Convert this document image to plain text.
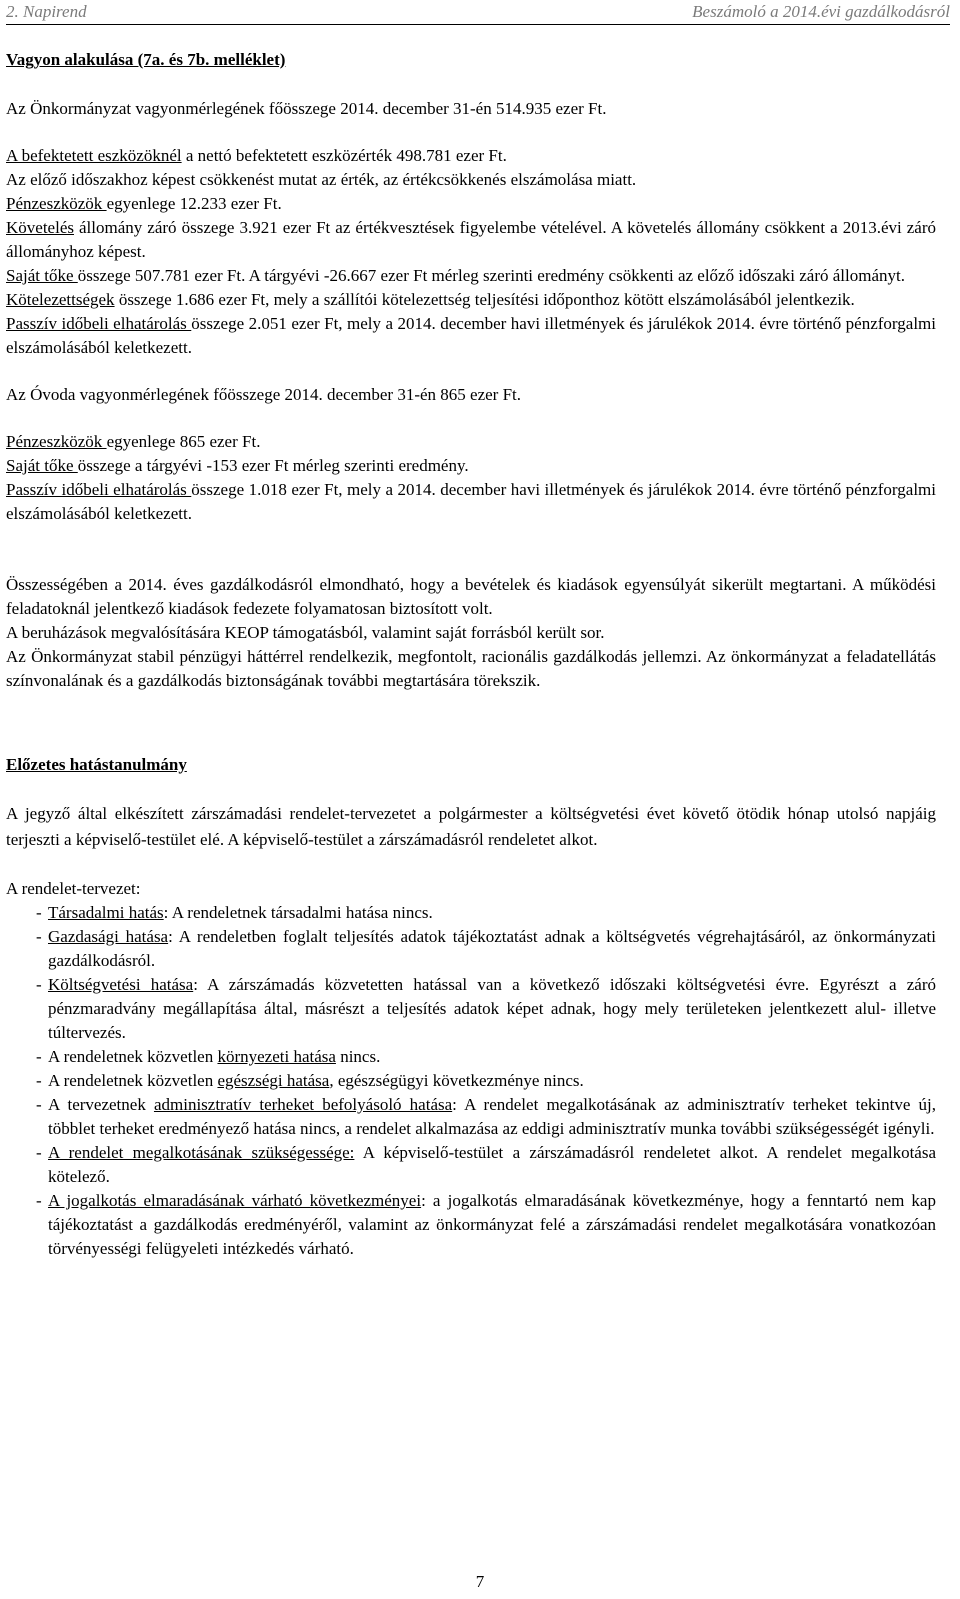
2. Napirend	Beszámoló a 2014.évi gazdálkodásról

Vagyon alakulása (7a. és 7b. melléklet)

Az Önkormányzat vagyonmérlegének főösszege 2014. december 31-én 514.935 ezer Ft.

A befektetett eszközöknél a nettó befektetett eszközérték 498.781 ezer Ft.

Az előző időszakhoz képest csökkenést mutat az érték, az értékcsökkenés elszámolása miatt.

Pénzeszközök egyenlege 12.233 ezer Ft.

Követelés állomány záró összege 3.921 ezer Ft az értékvesztések figyelembe vételével. A követelés állomány csökkent a 2013.évi záró állományhoz képest.

Saját tőke összege 507.781 ezer Ft. A tárgyévi -26.667 ezer Ft mérleg szerinti eredmény csökkenti az előző időszaki záró állományt.

Kötelezettségek összege 1.686 ezer Ft, mely a szállítói kötelezettség teljesítési időponthoz kötött elszámolásából jelentkezik.

Passzív időbeli elhatárolás összege 2.051 ezer Ft, mely a 2014. december havi illetmények és járulékok 2014. évre történő pénzforgalmi elszámolásából keletkezett.

Az Óvoda vagyonmérlegének főösszege 2014. december 31-én 865 ezer Ft.

Pénzeszközök egyenlege 865 ezer Ft.

Saját tőke összege a tárgyévi -153 ezer Ft mérleg szerinti eredmény.

Passzív időbeli elhatárolás összege 1.018 ezer Ft, mely a 2014. december havi illetmények és járulékok 2014. évre történő pénzforgalmi elszámolásából keletkezett.

Összességében a 2014. éves gazdálkodásról elmondható, hogy a bevételek és kiadások egyensúlyát sikerült megtartani. A működési feladatoknál jelentkező kiadások fedezete folyamatosan biztosított volt.

A beruházások megvalósítására KEOP támogatásból, valamint saját forrásból került sor.

Az Önkormányzat stabil pénzügyi háttérrel rendelkezik, megfontolt, racionális gazdálkodás jellemzi. Az önkormányzat a feladatellátás színvonalának és a gazdálkodás biztonságának további megtartására törekszik.

Előzetes hatástanulmány

A jegyző által elkészített zárszámadási rendelet-tervezetet a polgármester a költségvetési évet követő ötödik hónap utolsó napjáig terjeszti a képviselő-testület elé. A képviselő-testület a zárszámadásról rendeletet alkot.

A rendelet-tervezet:

- Társadalmi hatás: A rendeletnek társadalmi hatása nincs.
- Gazdasági hatása: A rendeletben foglalt teljesítés adatok tájékoztatást adnak a költségvetés végrehajtásáról, az önkormányzati gazdálkodásról.
- Költségvetési hatása: A zárszámadás közvetetten hatással van a következő időszaki költségvetési évre. Egyrészt a záró pénzmaradvány megállapítása által, másrészt a teljesítés adatok képet adnak, hogy mely területeken jelentkezett alul- illetve túltervezés.
- A rendeletnek közvetlen környezeti hatása nincs.
- A rendeletnek közvetlen egészségi hatása, egészségügyi következménye nincs.
- A tervezetnek adminisztratív terheket befolyásoló hatása: A rendelet megalkotásának az adminisztratív terheket tekintve új, többlet terheket eredményező hatása nincs, a rendelet alkalmazása az eddigi adminisztratív munka további szükségességét igényli.
- A rendelet megalkotásának szükségessége: A képviselő-testület a zárszámadásról rendeletet alkot. A rendelet megalkotása kötelező.
- A jogalkotás elmaradásának várható következményei: a jogalkotás elmaradásának következménye, hogy a fenntartó nem kap tájékoztatást a gazdálkodás eredményéről, valamint az önkormányzat felé a zárszámadási rendelet megalkotására vonatkozóan törvényességi felügyeleti intézkedés várható.
7
